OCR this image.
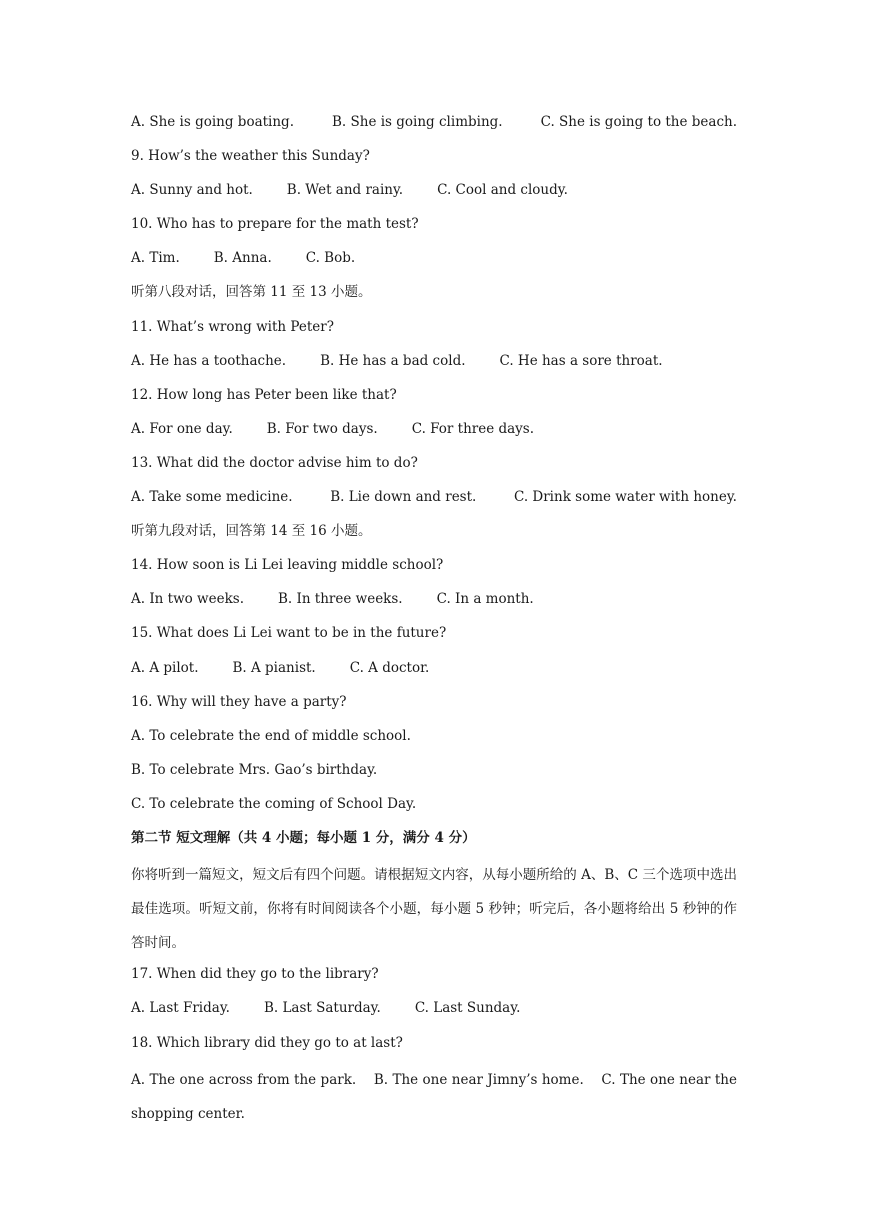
A. She is going boating.	B. She is going climbing.	C. She is going to the beach.
9. How’s the weather this Sunday?
A. Sunny and hot.	B. Wet and rainy.	C. Cool and cloudy.
10. Who has to prepare for the math test?
A. Tim.	B. Anna.	C. Bob.
听第八段对话，回答第 11 至 13 小题。
11. What’s wrong with Peter?
A. He has a toothache.	B. He has a bad cold.	C. He has a sore throat.
12. How long has Peter been like that?
A. For one day.	B. For two days.	C. For three days.
13. What did the doctor advise him to do?
A. Take some medicine.	B. Lie down and rest.	C. Drink some water with honey.
听第九段对话，回答第 14 至 16 小题。
14. How soon is Li Lei leaving middle school?
A. In two weeks.	B. In three weeks.	C. In a month.
15. What does Li Lei want to be in the future?
A. A pilot.	B. A pianist.	C. A doctor.
16. Why will they have a party?
A. To celebrate the end of middle school.
B. To celebrate Mrs. Gao’s birthday.
C. To celebrate the coming of School Day.
第二节 短文理解（共 4 小题；每小题 1 分，满分 4 分）
你将听到一篇短文，短文后有四个问题。请根据短文内容，从每小题所给的 A、B、C 三个选项中选出最佳选项。听短文前，你将有时间阅读各个小题，每小题 5 秒钟；听完后，各小题将给出 5 秒钟的作答时间。
17. When did they go to the library?
A. Last Friday.	B. Last Saturday.	C. Last Sunday.
18. Which library did they go to at last?
A. The one across from the park.    B. The one near Jimny’s home.    C. The one near the shopping center.
